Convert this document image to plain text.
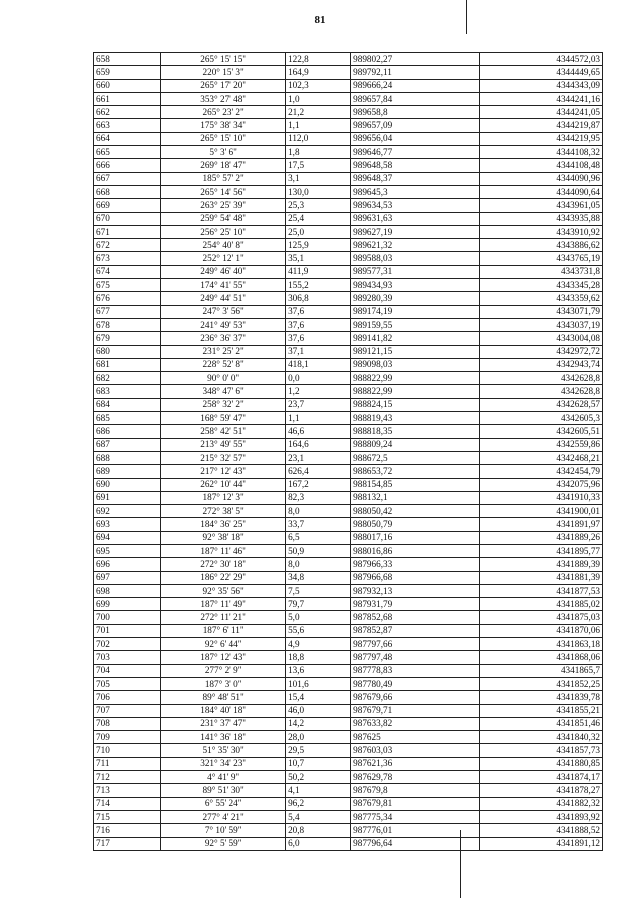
81
658	265° 15' 15"	122,8	989802,27	4344572,03
659	220° 15' 3"	164,9	989792,11	4344449,65
660	265° 17' 20"	102,3	989666,24	4344343,09
661	353° 27' 48"	1,0	989657,84	4344241,16
662	265° 23' 2"	21,2	989658,8	4344241,05
663	175° 38' 34"	1,1	989657,09	4344219,87
664	265° 15' 10"	112,0	989656,04	4344219,95
665	5° 3' 6"	1,8	989646,77	4344108,32
666	269° 18' 47"	17,5	989648,58	4344108,48
667	185° 57' 2"	3,1	989648,37	4344090,96
668	265° 14' 56"	130,0	989645,3	4344090,64
669	263° 25' 39"	25,3	989634,53	4343961,05
670	259° 54' 48"	25,4	989631,63	4343935,88
671	256° 25' 10"	25,0	989627,19	4343910,92
672	254° 40' 8"	125,9	989621,32	4343886,62
673	252° 12' 1"	35,1	989588,03	4343765,19
674	249° 46' 40"	411,9	989577,31	4343731,8
675	174° 41' 55"	155,2	989434,93	4343345,28
676	249° 44' 51"	306,8	989280,39	4343359,62
677	247° 3' 56"	37,6	989174,19	4343071,79
678	241° 49' 53"	37,6	989159,55	4343037,19
679	236° 36' 37"	37,6	989141,82	4343004,08
680	231° 25' 2"	37,1	989121,15	4342972,72
681	228° 52' 8"	418,1	989098,03	4342943,74
682	90° 0' 0"	0,0	988822,99	4342628,8
683	348° 47' 6"	1,2	988822,99	4342628,8
684	258° 32' 2"	23,7	988824,15	4342628,57
685	168° 59' 47"	1,1	988819,43	4342605,3
686	258° 42' 51"	46,6	988818,35	4342605,51
687	213° 49' 55"	164,6	988809,24	4342559,86
688	215° 32' 57"	23,1	988672,5	4342468,21
689	217° 12' 43"	626,4	988653,72	4342454,79
690	262° 10' 44"	167,2	988154,85	4342075,96
691	187° 12' 3"	82,3	988132,1	4341910,33
692	272° 38' 5"	8,0	988050,42	4341900,01
693	184° 36' 25"	33,7	988050,79	4341891,97
694	92° 38' 18"	6,5	988017,16	4341889,26
695	187° 11' 46"	50,9	988016,86	4341895,77
696	272° 30' 18"	8,0	987966,33	4341889,39
697	186° 22' 29"	34,8	987966,68	4341881,39
698	92° 35' 56"	7,5	987932,13	4341877,53
699	187° 11' 49"	79,7	987931,79	4341885,02
700	272° 11' 21"	5,0	987852,68	4341875,03
701	187° 6' 11"	55,6	987852,87	4341870,06
702	92° 6' 44"	4,9	987797,66	4341863,18
703	187° 12' 43"	18,8	987797,48	4341868,06
704	277° 2' 9"	13,6	987778,83	4341865,7
705	187° 3' 0"	101,6	987780,49	4341852,25
706	89° 48' 51"	15,4	987679,66	4341839,78
707	184° 40' 18"	46,0	987679,71	4341855,21
708	231° 37' 47"	14,2	987633,82	4341851,46
709	141° 36' 18"	28,0	987625	4341840,32
710	51° 35' 30"	29,5	987603,03	4341857,73
711	321° 34' 23"	10,7	987621,36	4341880,85
712	4° 41' 9"	50,2	987629,78	4341874,17
713	89° 51' 30"	4,1	987679,8	4341878,27
714	6° 55' 24"	96,2	987679,81	4341882,32
715	277° 4' 21"	5,4	987775,34	4341893,92
716	7° 10' 59"	20,8	987776,01	4341888,52
717	92° 5' 59"	6,0	987796,64	4341891,12
